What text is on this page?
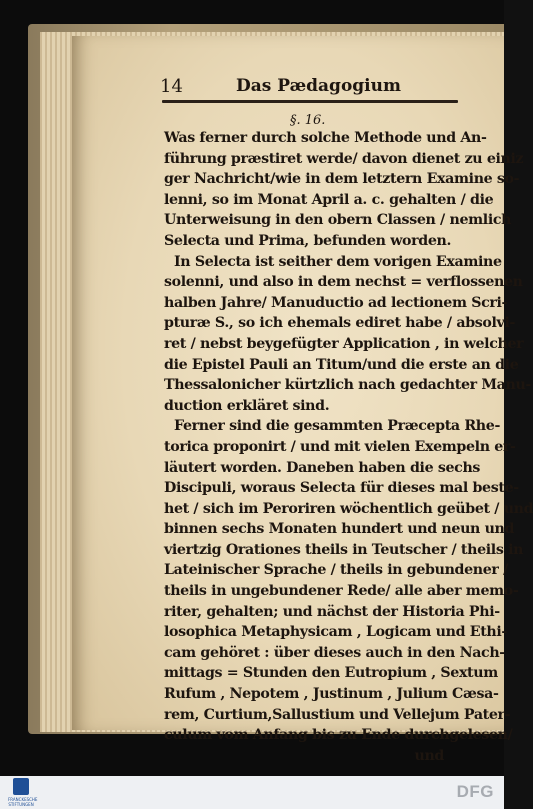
14	Das Pædagogium
§. 16.
Was ferner durch solche Methode und An-
führung præstiret werde/ davon dienet zu einiz
ger Nachricht/wie in dem letztern Examine so-
lenni, so im Monat April a. c. gehalten / die
Unterweisung in den obern Classen / nemlich
Selecta und Prima, befunden worden.
In Selecta ist seither dem vorigen Examine
solenni, und also in dem nechst = verflossenen
halben Jahre/ Manuductio ad lectionem Scri-
pturæ S., so ich ehemals ediret habe / absolvi-
ret / nebst beygefügter Application , in welcher
die Epistel Pauli an Titum/und die erste an die
Thessalonicher kürtzlich nach gedachter Manu-
duction erkläret sind.
Ferner sind die gesammten Præcepta Rhe-
torica proponirt / und mit vielen Exempeln er-
läutert worden. Daneben haben die sechs
Discipuli, woraus Selecta für dieses mal beste-
het / sich im Peroriren wöchentlich geübet / und
binnen sechs Monaten hundert und neun und
viertzig Orationes theils in Teutscher / theils in
Lateinischer Sprache / theils in gebundener /
theils in ungebundener Rede/ alle aber memo-
riter, gehalten; und nächst der Historia Phi-
losophica Metaphysicam , Logicam und Ethi-
cam gehöret : über dieses auch in den Nach-
mittags = Stunden den Eutropium , Sextum
Rufum , Nepotem , Justinum , Julium Cæsa-
rem, Curtium,Sallustium und Vellejum Pater-
culum vom Anfang bis zu Ende durchgelesen/
und
FRANCKESCHE STIFTUNGEN
DFG
